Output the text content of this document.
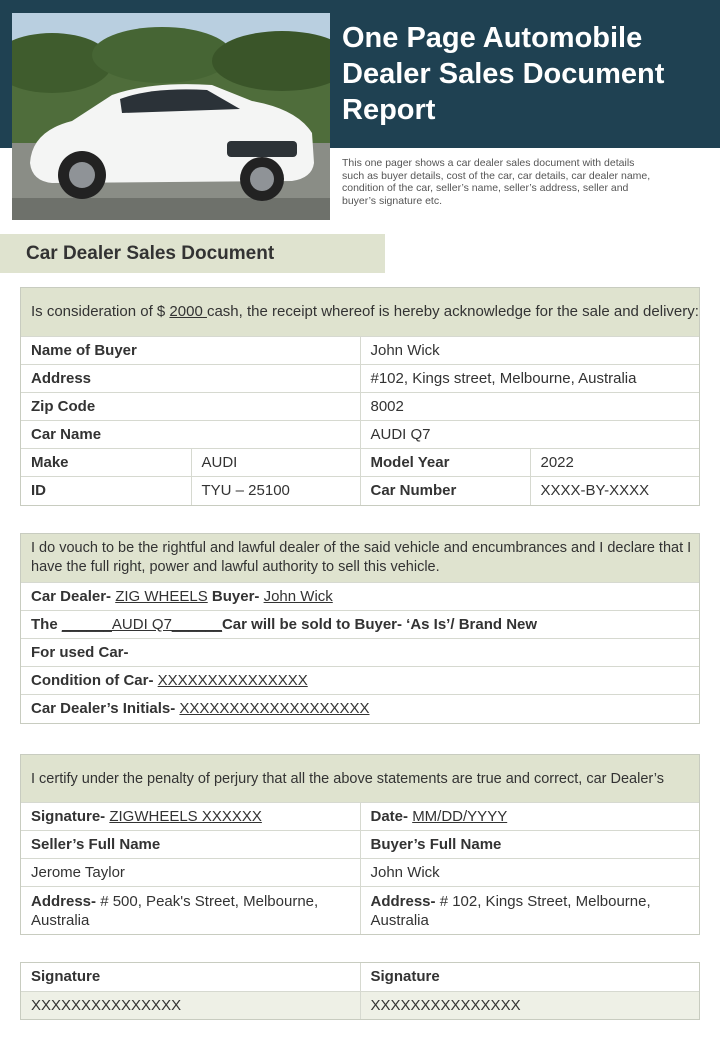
One Page Automobile Dealer Sales Document Report

This one pager shows a car dealer sales document with details such as buyer details, cost of the car, car details, car dealer name, condition of the car, seller’s name, seller’s address, seller and buyer’s signature etc.

Car Dealer Sales Document
Is consideration of $ 2000 cash, the receipt whereof is hereby acknowledge for the sale and delivery:			
Name of Buyer		John Wick	
Address		#102, Kings street, Melbourne, Australia	
Zip Code		8002	
Car Name		AUDI Q7	
Make	AUDI	Model Year	2022
ID	TYU – 25100	Car Number	XXXX-BY-XXXX
I do vouch to be the rightful and lawful dealer of the said vehicle and encumbrances and I declare that I have the full right, power and lawful authority to sell this vehicle.
Car Dealer- ZIG WHEELS Buyer- John Wick
The ______AUDI Q7______Car will be sold to Buyer- ‘As Is’/ Brand New
For used Car-
Condition of Car- XXXXXXXXXXXXXXX
Car Dealer’s Initials- XXXXXXXXXXXXXXXXXXX
I certify under the penalty of perjury that all the above statements are true and correct, car Dealer’s	
Signature- ZIGWHEELS XXXXXX	Date- MM/DD/YYYY
Seller’s Full Name	Buyer’s Full Name
Jerome Taylor	John Wick
Address- # 500, Peak's Street, Melbourne, Australia	Address- # 102, Kings Street, Melbourne, Australia
Signature	Signature
XXXXXXXXXXXXXXX	XXXXXXXXXXXXXXX
